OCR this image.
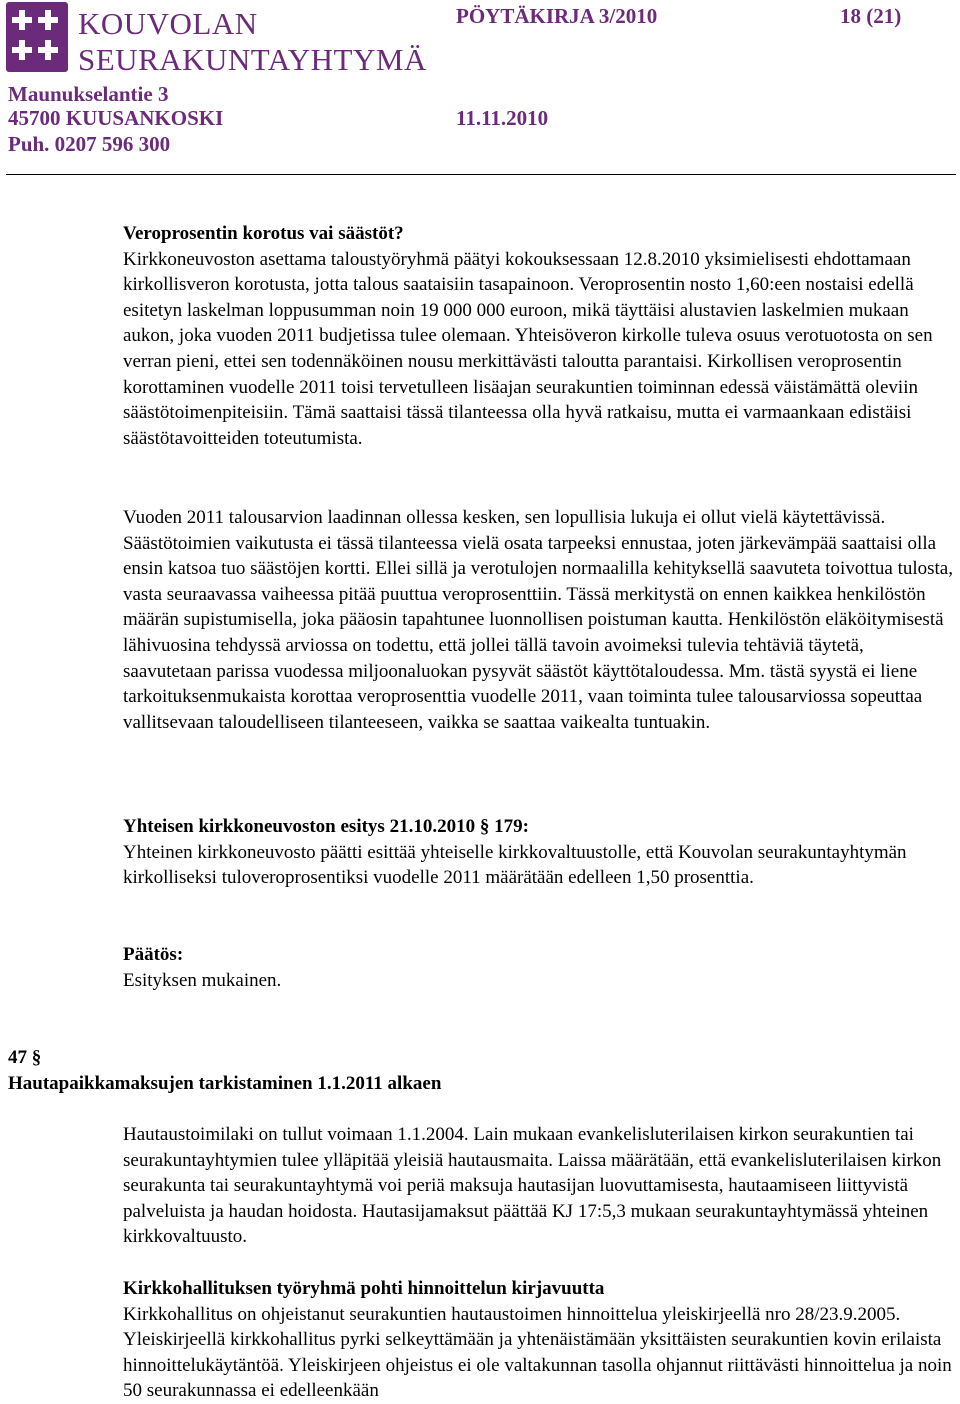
KOUVOLAN
SEURAKUNTAYHTYMÄ
PÖYTÄKIRJA 3/2010	18 (21)
Maunukselantie 3
45700 KUUSANKOSKI	11.11.2010
Puh. 0207 596 300

Veroprosentin korotus vai säästöt?

Kirkkoneuvoston asettama taloustyöryhmä päätyi kokouksessaan 12.8.2010 yksimielisesti ehdottamaan kirkollisveron korotusta, jotta talous saataisiin tasapainoon. Veroprosentin nosto 1,60:een nostaisi edellä esitetyn laskelman loppusumman noin 19 000 000 euroon, mikä täyttäisi alustavien laskelmien mukaan aukon, joka vuoden 2011 budjetissa tulee olemaan. Yhteisöveron kirkolle tuleva osuus verotuotosta on sen verran pieni, ettei sen todennäköinen nousu merkittävästi taloutta parantaisi. Kirkollisen veroprosentin korottaminen vuodelle 2011 toisi tervetulleen lisäajan seurakuntien toiminnan edessä väistämättä oleviin säästötoimenpiteisiin. Tämä saattaisi tässä tilanteessa olla hyvä ratkaisu, mutta ei varmaankaan edistäisi säästötavoitteiden toteutumista.

Vuoden 2011 talousarvion laadinnan ollessa kesken, sen lopullisia lukuja ei ollut vielä käytettävissä. Säästötoimien vaikutusta ei tässä tilanteessa vielä osata tarpeeksi ennustaa, joten järkevämpää saattaisi olla ensin katsoa tuo säästöjen kortti. Ellei sillä ja verotulojen normaalilla kehityksellä saavuteta toivottua tulosta, vasta seuraavassa vaiheessa pitää puuttua veroprosenttiin. Tässä merkitystä on ennen kaikkea henkilöstön määrän supistumisella, joka pääosin tapahtunee luonnollisen poistuman kautta. Henkilöstön eläköitymisestä lähivuosina tehdyssä arviossa on todettu, että jollei tällä tavoin avoimeksi tulevia tehtäviä täytetä, saavutetaan parissa vuodessa miljoonaluokan pysyvät säästöt käyttötaloudessa. Mm. tästä syystä ei liene tarkoituksenmukaista korottaa veroprosenttia vuodelle 2011, vaan toiminta tulee talousarviossa sopeuttaa vallitsevaan taloudelliseen tilanteeseen, vaikka se saattaa vaikealta tuntuakin.

Yhteisen kirkkoneuvoston esitys 21.10.2010 § 179:

Yhteinen kirkkoneuvosto päätti esittää yhteiselle kirkkovaltuustolle, että Kouvolan seurakuntayhtymän kirkolliseksi tuloveroprosentiksi vuodelle 2011 määrätään edelleen 1,50 prosenttia.

Päätös:

Esityksen mukainen.

47 §
Hautapaikkamaksujen tarkistaminen 1.1.2011 alkaen

Hautaustoimilaki on tullut voimaan 1.1.2004. Lain mukaan evankelisluterilaisen kirkon seurakuntien tai seurakuntayhtymien tulee ylläpitää yleisiä hautausmaita. Laissa määrätään, että evankelisluterilaisen kirkon seurakunta tai seurakuntayhtymä voi periä maksuja hautasijan luovuttamisesta, hautaamiseen liittyvistä palveluista ja haudan hoidosta. Hautasijamaksut päättää KJ 17:5,3 mukaan seurakuntayhtymässä yhteinen kirkkovaltuusto.

Kirkkohallituksen työryhmä pohti hinnoittelun kirjavuutta

Kirkkohallitus on ohjeistanut seurakuntien hautaustoimen hinnoittelua yleiskirjeellä nro 28/23.9.2005. Yleiskirjeellä kirkkohallitus pyrki selkeyttämään ja yhtenäistämään yksittäisten seurakuntien kovin erilaista hinnoittelukäytäntöä. Yleiskirjeen ohjeistus ei ole valtakunnan tasolla ohjannut riittävästi hinnoittelua ja noin 50 seurakunnassa ei edelleenkään
